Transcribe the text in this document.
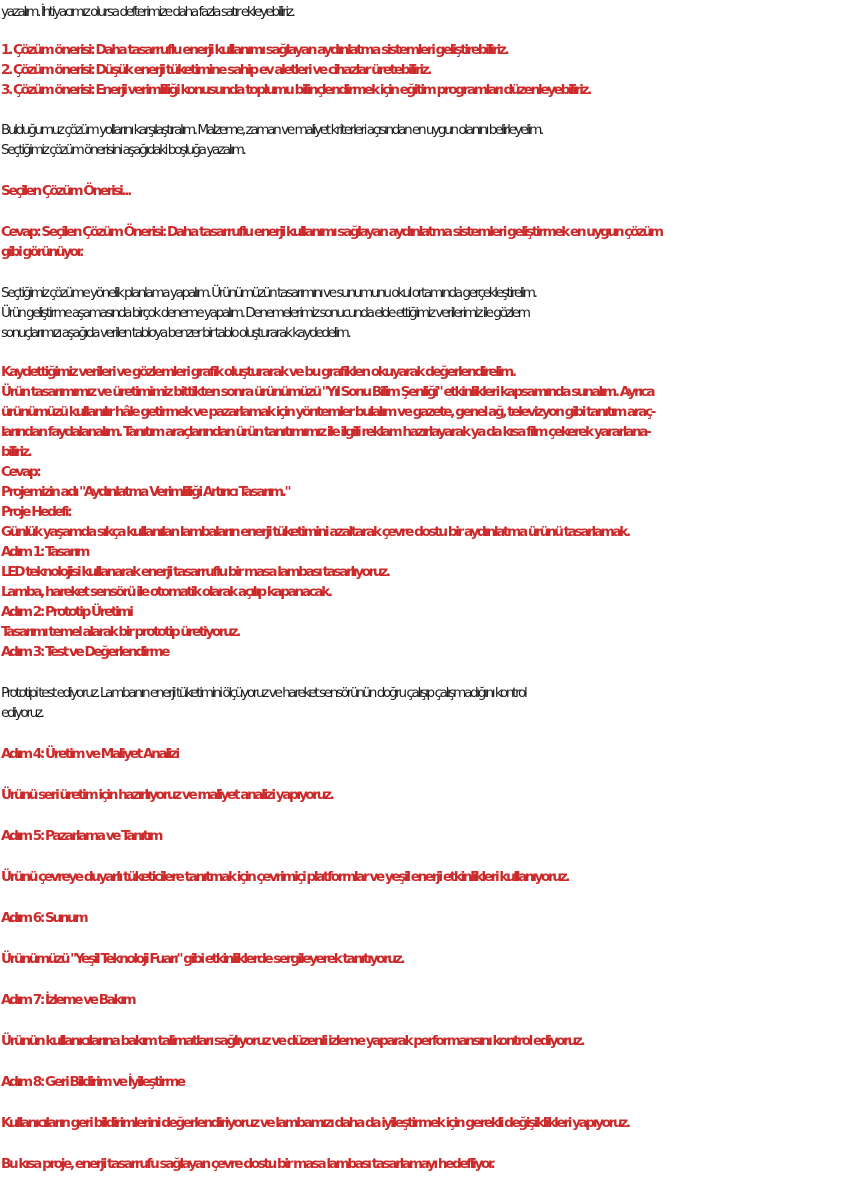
yazalım. İhtiyacımız olursa defterimize daha fazla satır ekleyebiliriz.

1. Çözüm önerisi: Daha tasarruflu enerji kullanımı sağlayan aydınlatma sistemleri geliştirebiliriz.

2. Çözüm önerisi: Düşük enerji tüketimine sahip ev aletleri ve cihazlar üretebiliriz.

3. Çözüm önerisi: Enerji verimliliği konusunda toplumu bilinçlendirmek için eğitim programları düzenleyebiliriz.

Bulduğumuz çözüm yollarını karşılaştıralım. Malzeme, zaman ve maliyet kriterleri açısından en uygun olanını belirleyelim.

Seçtiğimiz çözüm önerisini aşağıdaki boşluğa yazalım.

Seçilen Çözüm Önerisi...

Cevap: Seçilen Çözüm Önerisi: Daha tasarruflu enerji kullanımı sağlayan aydınlatma sistemleri geliştirmek en uygun çözüm

gibi görünüyor.

Seçtiğimiz çözüme yönelik planlama yapalım. Ürünümüzün tasarımını ve sunumunu okul ortamında gerçekleştirelim.

Ürün geliştirme aşamasında birçok deneme yapalım. Denemelerimiz sonucunda elde ettiğimiz verilerimiz ile gözlem

sonuçlarımızı aşağıda verilen tabloya benzer bir tablo oluşturarak kaydedelim.

Kaydettiğimiz verileri ve gözlemleri grafik oluşturarak ve bu grafiklen okuyarak değerlendirelim.

Ürün tasarımımız ve üretimimiz bittikten sonra ürünümüzü "Yıl Sonu Bilim Şenliği" etkinlikleri kapsamında sunalım. Ayrıca

ürünümüzü kullanılır hâle getirmek ve pazarlamak için yöntemler bulalım ve gazete, genel ağ, televizyon gibi tanıtım araç-

larından faydalanalım. Tanıtım araçlarından ürün tanıtımımız ile ilgili reklam hazırlayarak ya da kısa film çekerek yararlana-

biliriz.

Cevap:

Projemizin adı "Aydınlatma Verimliliği Artırıcı Tasarım."

Proje Hedefi:

Günlük yaşamda sıkça kullanılan lambaların enerji tüketimini azaltarak çevre dostu bir aydınlatma ürünü tasarlamak.

Adım 1: Tasarım

LED teknolojisi kullanarak enerji tasarruflu bir masa lambası tasarlıyoruz.

Lamba, hareket sensörü ile otomatik olarak açılıp kapanacak.

Adım 2: Prototip Üretimi

Tasarımı temel alarak bir prototip üretiyoruz.

Adım 3: Test ve Değerlendirme

Prototipi test ediyoruz. Lambanın enerji tüketimini ölçüyoruz ve hareket sensörünün doğru çalışıp çalışmadığını kontrol

ediyoruz.

Adım 4: Üretim ve Maliyet Analizi

Ürünü seri üretim için hazırlıyoruz ve maliyet analizi yapıyoruz.

Adım 5: Pazarlama ve Tanıtım

Ürünü çevreye duyarlı tüketicilere tanıtmak için çevrimiçi platformlar ve yeşil enerji etkinlikleri kullanıyoruz.

Adım 6: Sunum

Ürünümüzü "Yeşil Teknoloji Fuarı" gibi etkinliklerde sergileyerek tanıtıyoruz.

Adım 7: İzleme ve Bakım

Ürünün kullanıcılarına bakım talimatları sağlıyoruz ve düzenli izleme yaparak performansını kontrol ediyoruz.

Adım 8: Geri Bildirim ve İyileştirme

Kullanıcıların geri bildirimlerini değerlendiriyoruz ve lambamızı daha da iyileştirmek için gerekli değişiklikleri yapıyoruz.

Bu kısa proje, enerji tasarrufu sağlayan çevre dostu bir masa lambası tasarlamayı hedefliyor.
